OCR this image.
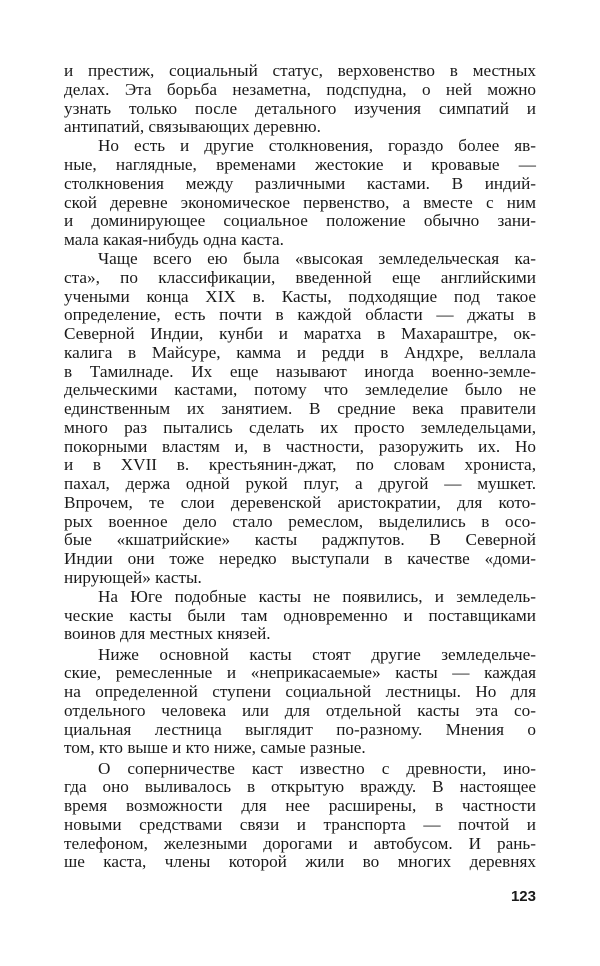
и престиж, социальный статус, верховенство в местных
делах. Эта борьба незаметна, подспудна, о ней можно
узнать только после детального изучения симпатий и
антипатий, связывающих деревню.
Но есть и другие столкновения, гораздо более яв-
ные, наглядные, временами жестокие и кровавые —
столкновения между различными кастами. В индий-
ской деревне экономическое первенство, а вместе с ним
и доминирующее социальное положение обычно зани-
мала какая-нибудь одна каста.
Чаще всего ею была «высокая земледельческая ка-
ста», по классификации, введенной еще английскими
учеными конца XIX в. Касты, подходящие под такое
определение, есть почти в каждой области — джаты в
Северной Индии, кунби и маратха в Махараштре, ок-
калига в Майсуре, камма и редди в Андхре, веллала
в Тамилнаде. Их еще называют иногда военно-земле-
дельческими кастами, потому что земледелие было не
единственным их занятием. В средние века правители
много раз пытались сделать их просто земледельцами,
покорными властям и, в частности, разоружить их. Но
и в XVII в. крестьянин-джат, по словам хрониста,
пахал, держа одной рукой плуг, а другой — мушкет.
Впрочем, те слои деревенской аристократии, для кото-
рых военное дело стало ремеслом, выделились в осо-
бые «кшатрийские» касты раджпутов. В Северной
Индии они тоже нередко выступали в качестве «доми-
нирующей» касты.
На Юге подобные касты не появились, и земледель-
ческие касты были там одновременно и поставщиками
воинов для местных князей.
Ниже основной касты стоят другие земледельче-
ские, ремесленные и «неприкасаемые» касты — каждая
на определенной ступени социальной лестницы. Но для
отдельного человека или для отдельной касты эта со-
циальная лестница выглядит по-разному. Мнения о
том, кто выше и кто ниже, самые разные.
О соперничестве каст известно с древности, ино-
гда оно выливалось в открытую вражду. В настоящее
время возможности для нее расширены, в частности
новыми средствами связи и транспорта — почтой и
телефоном, железными дорогами и автобусом. И рань-
ше каста, члены которой жили во многих деревнях
123
